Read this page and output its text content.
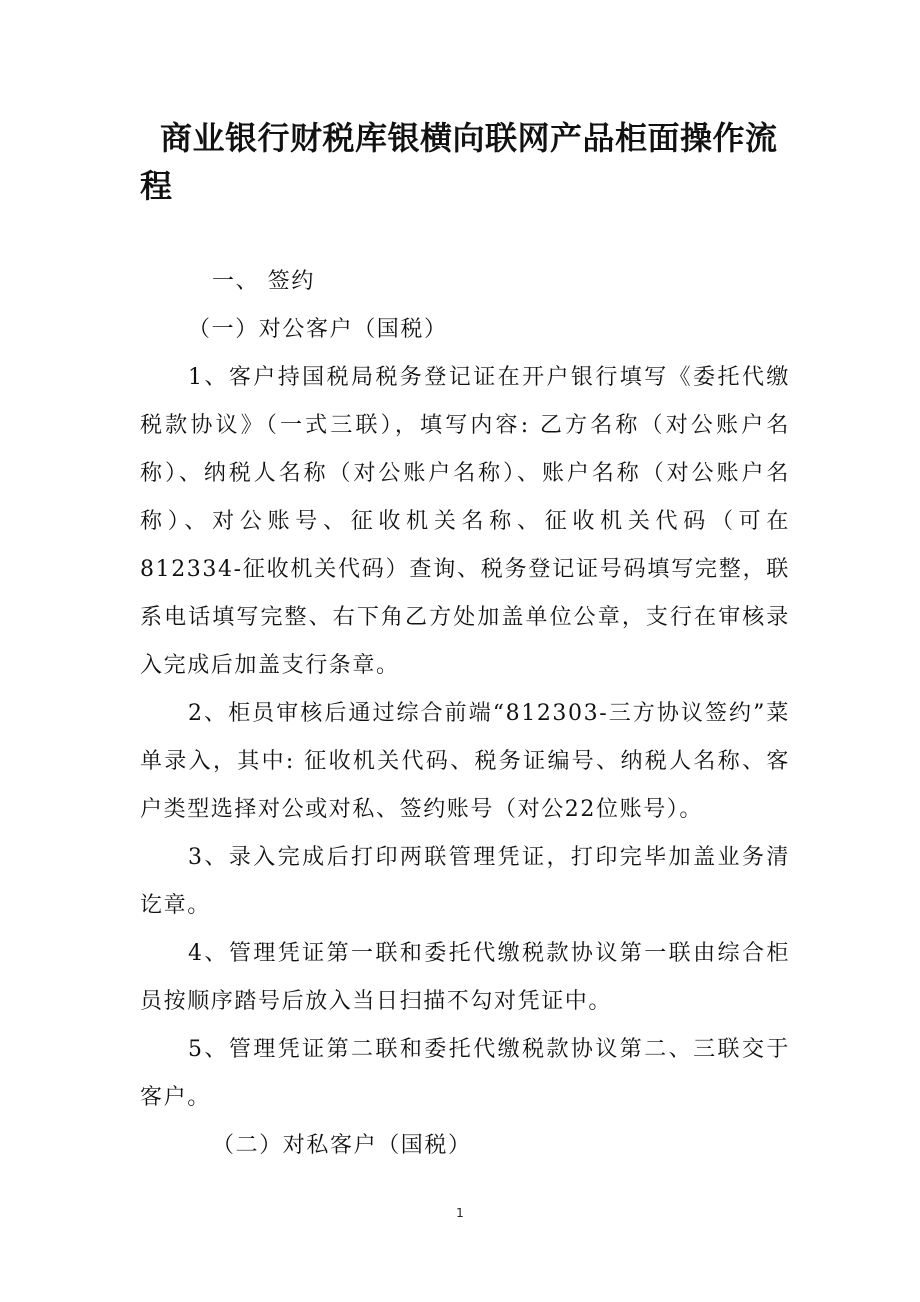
商业银行财税库银横向联网产品柜面操作流程

一、 签约

（一）对公客户（国税）

1、客户持国税局税务登记证在开户银行填写《委托代缴税款协议》（一式三联），填写内容: 乙方名称（对公账户名称）、纳税人名称（对公账户名称）、账户名称（对公账户名称）、对公账号、征收机关名称、征收机关代码（可在812334-征收机关代码）查询、税务登记证号码填写完整，联系电话填写完整、右下角乙方处加盖单位公章，支行在审核录入完成后加盖支行条章。

2、柜员审核后通过综合前端“812303-三方协议签约”菜单录入，其中: 征收机关代码、税务证编号、纳税人名称、客户类型选择对公或对私、签约账号（对公22位账号）。

3、录入完成后打印两联管理凭证，打印完毕加盖业务清讫章。

4、管理凭证第一联和委托代缴税款协议第一联由综合柜员按顺序踏号后放入当日扫描不勾对凭证中。

5、管理凭证第二联和委托代缴税款协议第二、三联交于客户。

（二）对私客户（国税）

1
